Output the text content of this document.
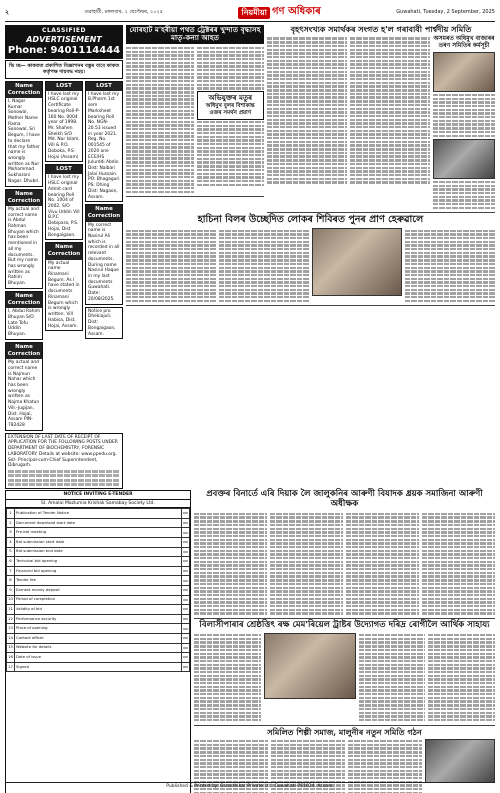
২	গুৱাহাটী, মঙ্গলবাৰ, ২ ছেপ্টেম্বৰ, ২০২৫	নিয়মীয়া গণ অধিকাৰ	Guwahati, Tuesday, 2 September, 2025
CLASSIFIED
ADVERTISEMENT
Phone: 9401114444
ভি চ্ছ— কাকতত প্ৰকাশিত বিজ্ঞাপনৰ বস্তুৰ বাবে কাকত কৰ্তৃপক্ষ দায়বদ্ধ নহয়।
Name Correction
I, Nagar Kumar Sonowal, Mother Name Rama Sonowal, Sri Begum, I have to declare that my father name is wrongly written as Nur Mohammad Sukharani Nagar. Dhubri.
Name Correction
My actual and correct name is Abdul Rahman Bhuyan which has been mentioned in all my documents. But my name has wrongly written as Rahim Bhuyan.
Name Correction
I, Abdul Rahim Bhuyan S/O Late Tofu Uddin Bhuyan.
Name Correction
My actual and correct name is Najmun Nahar which has been wrongly written as Najma Khatun Vill.-Jugijan, Dist. Hojai, Assam PIN-782428
LOST
I have lost my HSLC original Certificate bearing Roll-P-160 No. 0004 year of 1998. Mr. Shahen Sheikh S/O Md. Nur Islam, Vill & P.O. Doboka, P.S. Hojai (Assam)
LOST
I have lost my HSLC original Admit card bearing Roll No. 1004 of 2002. S/O Vivu Uddin Vill B.P.C Debipara, P.S. Hojai, Dist Bongaigaon.
Name Correction
My actual name Rinamani Begum. As I have stated in documents Rinamani Begum which is wrongly written. Vill Habisa, Dist. Hojai, Assam.
LOST
I have lost my B.Pharm 1st sem Marksheet bearing Roll No. NGN-20.53 issued in year 2021. Reg. No. 001545 of 2020 one ECE/HS Julurddi Abdin Dist: Nalbari Jalai Hussain. PO: Bhagaguri PS: Dhing Dist: Nagaon, Assam.
Name Correction
My correct name is Nasirul Ali which is recorded in all relevant documents. During name Nasirul Haque in my last documents Guwahati. Date: 20/08/2025.
Notice pro Dhekiajuli, Dist: Bongaigaon, Assam.
EXTENSION OF LAST DATE OF RECEIPT OF APPLICATION FOR THE FOLLOWING POSTS UNDER DEPARTMENT OF BIOCHEMISTRY, FORENSIC LABORATORY. Details at website: www.ppedu.org. Sd/- Principal-cum-Chief Superintendent, Dibrugarh.
যোৰহাট ম'হৰীয়া পথত ট্ৰেক্টৰৰ খুন্দাত বৃদ্ধাসহ মাতৃ-কন্যা আহত
অভিযুক্তৰ মতুৰ
অধিমুখ বুলৰ বিশাকান্ত ওজৰ সমৰ্থন প্ৰয়াণ
বৃহৎসংখ্যক সমাৰ্থকৰ সংগত হ'ল গৰাবাবী পাৰ্শ্বদীয় সমিতি
অসমৰত অধিমুখ বাজাৰৰ তৰণ সমিতিৰ কৰ্মসূচী
হাচিনা বিলৰ উচ্ছেদিত লোকৰ শিবিৰত পুনৰ প্ৰাণ হেৰুৱালে
NOTICE INVITING E-TENDER
SI. Amalai Mazlumia Krishak Samabay Society Ltd.
1	Publication of Tender Notice	

2	Document download start date	

3	Pre-bid meeting	

4	Bid submission start date	

5	Bid submission end date	

6	Technical bid opening	

7	Financial bid opening	

8	Tender fee	

9	Earnest money deposit	

10	Period of completion	

11	Validity of bid	

12	Performance security	

13	Place of opening	

14	Contact officer	

15	Website for details	

16	Date of issue	

17	Signed	
প্ৰবক্তৰ বিনাৰ্তে এৰি দিয়াক লৈ জালুকনিৰ আৰুণী বিযাদক ধ্ৰয়ক সমাজিনা আৰুণী অধীক্ষক
বিলাসীপাৰাৰ শ্ৰেষ্ঠত্তিৎ ৰক্ষ মেম'ৰিয়েল ট্ৰাষ্টৰ উদ্যোগত দৰিদ্ৰ ৰোগীলৈ আৰ্থিক সাহায্য
সমিলিত শিল্পী সমাজ, মালুনীৰ নতুন সমিতি গঠন
Published & Printed by: Ganadhikar Private Ltd. Guwahati-781024, Assam.
